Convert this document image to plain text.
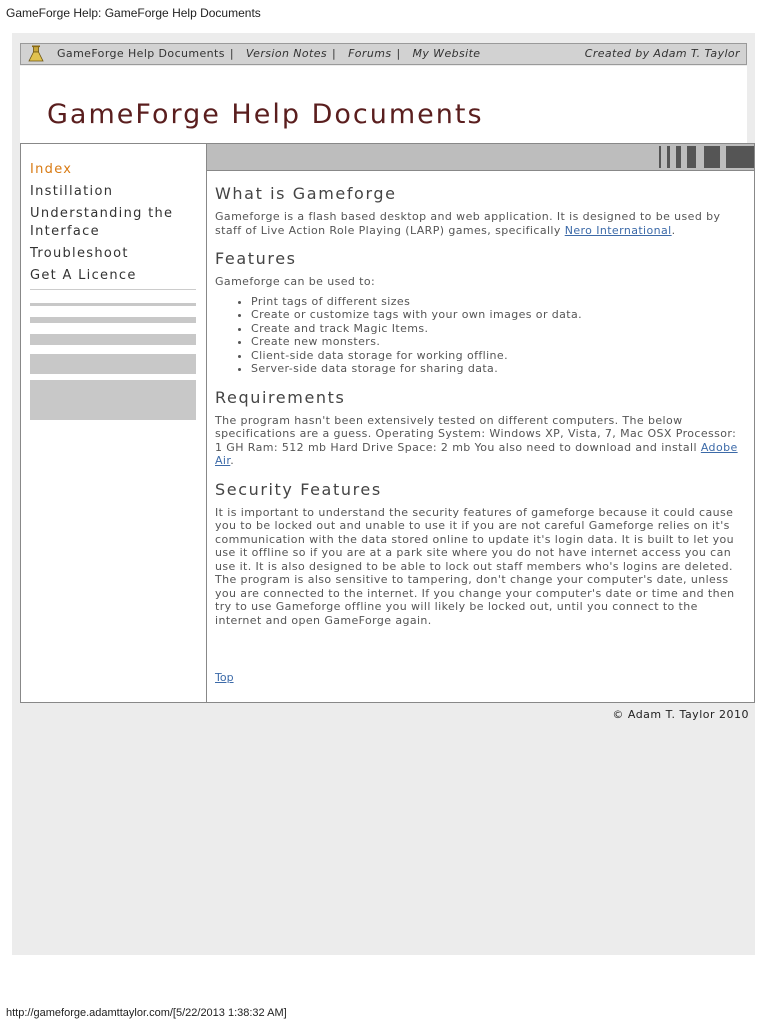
GameForge Help: GameForge Help Documents
GameForge Help Documents | Version Notes | Forums | My Website	Created by Adam T. Taylor
GameForge Help Documents
Index
Instillation
Understanding the Interface
Troubleshoot
Get A Licence
What is Gameforge

Gameforge is a flash based desktop and web application. It is designed to be used by staff of Live Action Role Playing (LARP) games, specifically Nero International.

Features

Gameforge can be used to:

• Print tags of different sizes
• Create or customize tags with your own images or data.
• Create and track Magic Items.
• Create new monsters.
• Client-side data storage for working offline.
• Server-side data storage for sharing data.
Requirements

The program hasn't been extensively tested on different computers. The below specifications are a guess. Operating System: Windows XP, Vista, 7, Mac OSX Processor: 1 GH Ram: 512 mb Hard Drive Space: 2 mb You also need to download and install Adobe Air.

Security Features

It is important to understand the security features of gameforge because it could cause you to be locked out and unable to use it if you are not careful Gameforge relies on it's communication with the data stored online to update it's login data. It is built to let you use it offline so if you are at a park site where you do not have internet access you can use it. It is also designed to be able to lock out staff members who's logins are deleted. The program is also sensitive to tampering, don't change your computer's date, unless you are connected to the internet. If you change your computer's date or time and then try to use Gameforge offline you will likely be locked out, until you connect to the internet and open GameForge again.

Top
© Adam T. Taylor 2010
http://gameforge.adamttaylor.com/[5/22/2013 1:38:32 AM]
